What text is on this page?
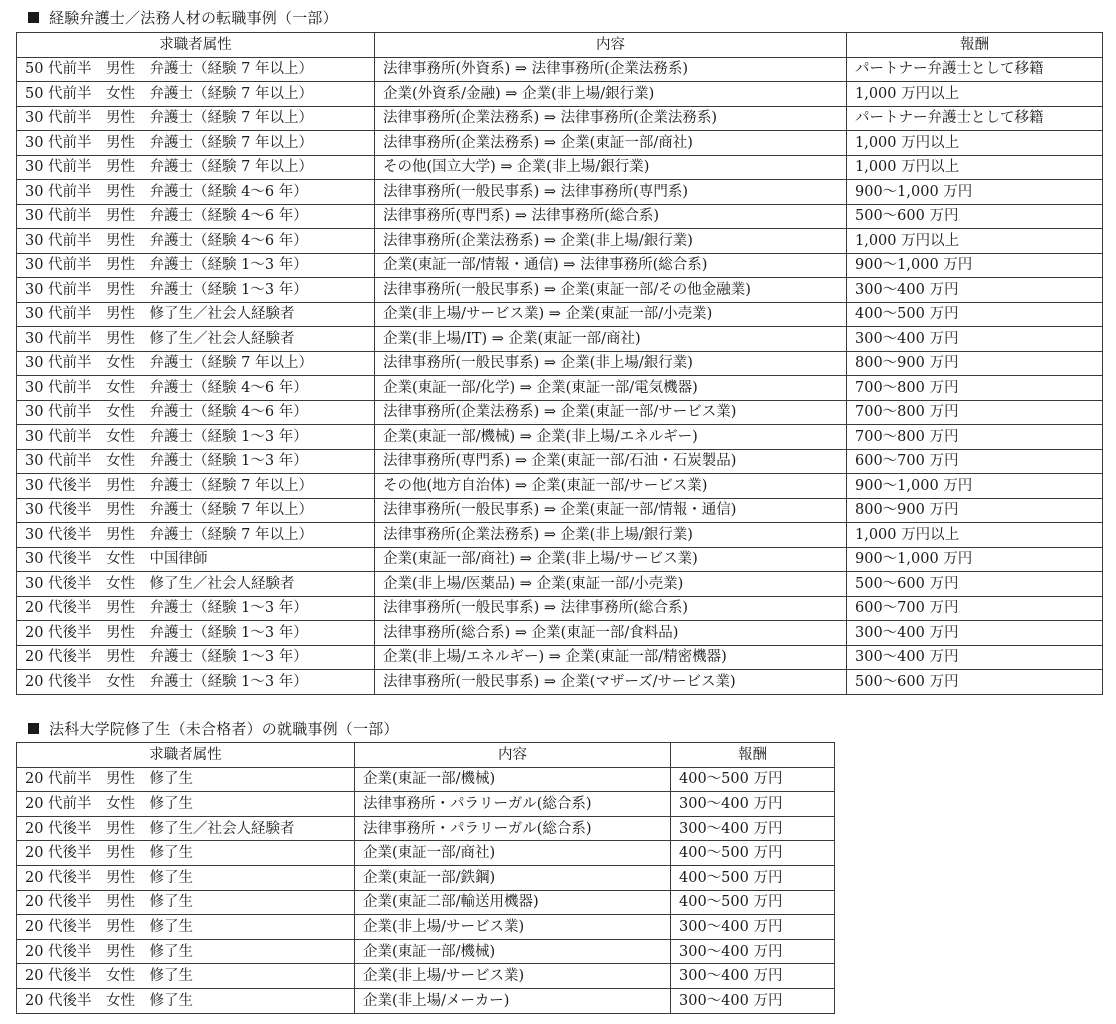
経験弁護士／法務人材の転職事例（一部）
求職者属性	内容	報酬
50 代前半　男性　弁護士（経験 7 年以上）	法律事務所(外資系) ⇒ 法律事務所(企業法務系)	パートナー弁護士として移籍
50 代前半　女性　弁護士（経験 7 年以上）	企業(外資系/金融) ⇒ 企業(非上場/銀行業)	1,000 万円以上
30 代前半　男性　弁護士（経験 7 年以上）	法律事務所(企業法務系) ⇒ 法律事務所(企業法務系)	パートナー弁護士として移籍
30 代前半　男性　弁護士（経験 7 年以上）	法律事務所(企業法務系) ⇒ 企業(東証一部/商社)	1,000 万円以上
30 代前半　男性　弁護士（経験 7 年以上）	その他(国立大学) ⇒ 企業(非上場/銀行業)	1,000 万円以上
30 代前半　男性　弁護士（経験 4～6 年）	法律事務所(一般民事系) ⇒ 法律事務所(専門系)	900～1,000 万円
30 代前半　男性　弁護士（経験 4～6 年）	法律事務所(専門系) ⇒ 法律事務所(総合系)	500～600 万円
30 代前半　男性　弁護士（経験 4～6 年）	法律事務所(企業法務系) ⇒ 企業(非上場/銀行業)	1,000 万円以上
30 代前半　男性　弁護士（経験 1～3 年）	企業(東証一部/情報・通信) ⇒ 法律事務所(総合系)	900～1,000 万円
30 代前半　男性　弁護士（経験 1～3 年）	法律事務所(一般民事系) ⇒ 企業(東証一部/その他金融業)	300～400 万円
30 代前半　男性　修了生／社会人経験者	企業(非上場/サービス業) ⇒ 企業(東証一部/小売業)	400～500 万円
30 代前半　男性　修了生／社会人経験者	企業(非上場/IT) ⇒ 企業(東証一部/商社)	300～400 万円
30 代前半　女性　弁護士（経験 7 年以上）	法律事務所(一般民事系) ⇒ 企業(非上場/銀行業)	800～900 万円
30 代前半　女性　弁護士（経験 4～6 年）	企業(東証一部/化学) ⇒ 企業(東証一部/電気機器)	700～800 万円
30 代前半　女性　弁護士（経験 4～6 年）	法律事務所(企業法務系) ⇒ 企業(東証一部/サービス業)	700～800 万円
30 代前半　女性　弁護士（経験 1～3 年）	企業(東証一部/機械) ⇒ 企業(非上場/エネルギー)	700～800 万円
30 代前半　女性　弁護士（経験 1～3 年）	法律事務所(専門系) ⇒ 企業(東証一部/石油・石炭製品)	600～700 万円
30 代後半　男性　弁護士（経験 7 年以上）	その他(地方自治体) ⇒ 企業(東証一部/サービス業)	900～1,000 万円
30 代後半　男性　弁護士（経験 7 年以上）	法律事務所(一般民事系) ⇒ 企業(東証一部/情報・通信)	800～900 万円
30 代後半　男性　弁護士（経験 7 年以上）	法律事務所(企業法務系) ⇒ 企業(非上場/銀行業)	1,000 万円以上
30 代後半　女性　中国律師	企業(東証一部/商社) ⇒ 企業(非上場/サービス業)	900～1,000 万円
30 代後半　女性　修了生／社会人経験者	企業(非上場/医薬品) ⇒ 企業(東証一部/小売業)	500～600 万円
20 代後半　男性　弁護士（経験 1～3 年）	法律事務所(一般民事系) ⇒ 法律事務所(総合系)	600～700 万円
20 代後半　男性　弁護士（経験 1～3 年）	法律事務所(総合系) ⇒ 企業(東証一部/食料品)	300～400 万円
20 代後半　男性　弁護士（経験 1～3 年）	企業(非上場/エネルギー) ⇒ 企業(東証一部/精密機器)	300～400 万円
20 代後半　女性　弁護士（経験 1～3 年）	法律事務所(一般民事系) ⇒ 企業(マザーズ/サービス業)	500～600 万円
法科大学院修了生（未合格者）の就職事例（一部）
求職者属性	内容	報酬
20 代前半　男性　修了生	企業(東証一部/機械)	400～500 万円
20 代前半　女性　修了生	法律事務所・パラリーガル(総合系)	300～400 万円
20 代後半　男性　修了生／社会人経験者	法律事務所・パラリーガル(総合系)	300～400 万円
20 代後半　男性　修了生	企業(東証一部/商社)	400～500 万円
20 代後半　男性　修了生	企業(東証一部/鉄鋼)	400～500 万円
20 代後半　男性　修了生	企業(東証二部/輸送用機器)	400～500 万円
20 代後半　男性　修了生	企業(非上場/サービス業)	300～400 万円
20 代後半　男性　修了生	企業(東証一部/機械)	300～400 万円
20 代後半　女性　修了生	企業(非上場/サービス業)	300～400 万円
20 代後半　女性　修了生	企業(非上場/メーカー)	300～400 万円
